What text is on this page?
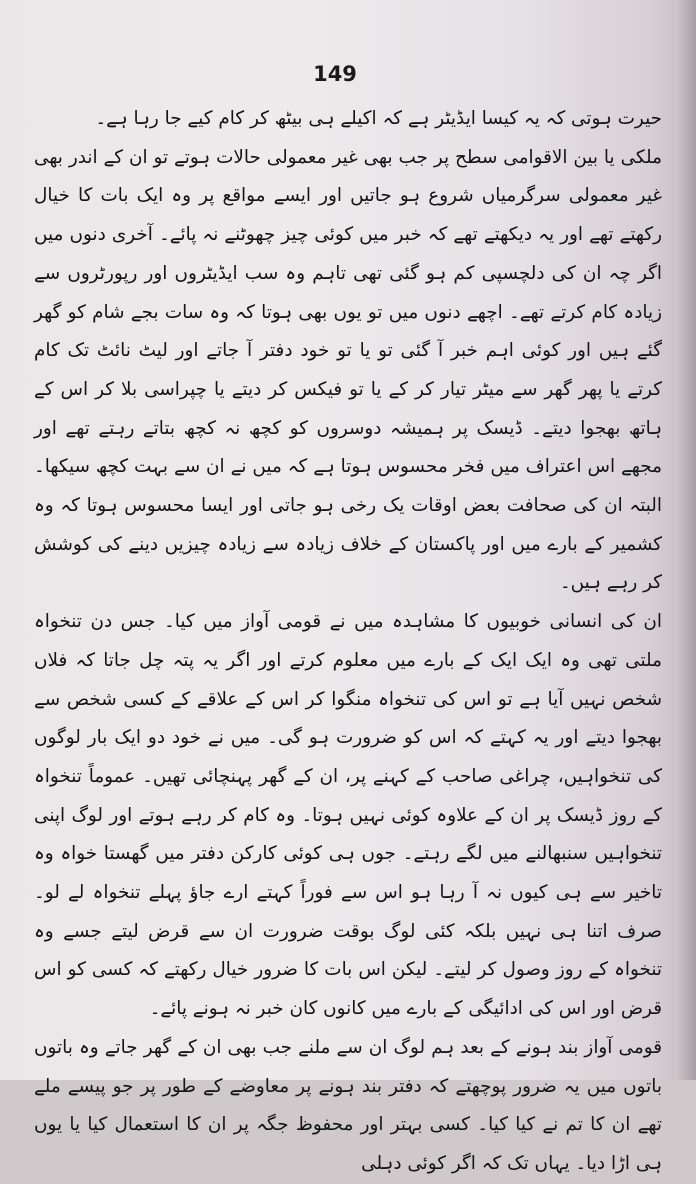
149

حیرت ہوتی کہ یہ کیسا ایڈیٹر ہے کہ اکیلے ہی بیٹھ کر کام کیے جا رہا ہے۔

ملکی یا بین الاقوامی سطح پر جب بھی غیر معمولی حالات ہوتے تو ان کے اندر بھی غیر معمولی سرگرمیاں شروع ہو جاتیں اور ایسے مواقع پر وہ ایک بات کا خیال رکھتے تھے اور یہ دیکھتے تھے کہ خبر میں کوئی چیز چھوٹنے نہ پائے۔ آخری دنوں میں اگر چہ ان کی دلچسپی کم ہو گئی تھی تاہم وہ سب ایڈیٹروں اور رپورٹروں سے زیادہ کام کرتے تھے۔ اچھے دنوں میں تو یوں بھی ہوتا کہ وہ سات بجے شام کو گھر گئے ہیں اور کوئی اہم خبر آ گئی تو یا تو خود دفتر آ جاتے اور لیٹ نائٹ تک کام کرتے یا پھر گھر سے میٹر تیار کر کے یا تو فیکس کر دیتے یا چپراسی بلا کر اس کے ہاتھ بھجوا دیتے۔ ڈیسک پر ہمیشہ دوسروں کو کچھ نہ کچھ بتاتے رہتے تھے اور مجھے اس اعتراف میں فخر محسوس ہوتا ہے کہ میں نے ان سے بہت کچھ سیکھا۔ البتہ ان کی صحافت بعض اوقات یک رخی ہو جاتی اور ایسا محسوس ہوتا کہ وہ کشمیر کے بارے میں اور پاکستان کے خلاف زیادہ سے زیادہ چیزیں دینے کی کوشش کر رہے ہیں۔

ان کی انسانی خوبیوں کا مشاہدہ میں نے قومی آواز میں کیا۔ جس دن تنخواہ ملتی تھی وہ ایک ایک کے بارے میں معلوم کرتے اور اگر یہ پتہ چل جاتا کہ فلاں شخص نہیں آیا ہے تو اس کی تنخواہ منگوا کر اس کے علاقے کے کسی شخص سے بھجوا دیتے اور یہ کہتے کہ اس کو ضرورت ہو گی۔ میں نے خود دو ایک بار لوگوں کی تنخواہیں، چراغی صاحب کے کہنے پر، ان کے گھر پہنچائی تھیں۔ عموماً تنخواہ کے روز ڈیسک پر ان کے علاوہ کوئی نہیں ہوتا۔ وہ کام کر رہے ہوتے اور لوگ اپنی تنخواہیں سنبھالنے میں لگے رہتے۔ جوں ہی کوئی کارکن دفتر میں گھستا خواہ وہ تاخیر سے ہی کیوں نہ آ رہا ہو اس سے فوراً کہتے ارے جاؤ پہلے تنخواہ لے لو۔ صرف اتنا ہی نہیں بلکہ کئی لوگ بوقت ضرورت ان سے قرض لیتے جسے وہ تنخواہ کے روز وصول کر لیتے۔ لیکن اس بات کا ضرور خیال رکھتے کہ کسی کو اس قرض اور اس کی ادائیگی کے بارے میں کانوں کان خبر نہ ہونے پائے۔

قومی آواز بند ہونے کے بعد ہم لوگ ان سے ملنے جب بھی ان کے گھر جاتے وہ باتوں باتوں میں یہ ضرور پوچھتے کہ دفتر بند ہونے پر معاوضے کے طور پر جو پیسے ملے تھے ان کا تم نے کیا کیا۔ کسی بہتر اور محفوظ جگہ پر ان کا استعمال کیا یا یوں ہی اڑا دیا۔ یہاں تک کہ اگر کوئی دہلی
